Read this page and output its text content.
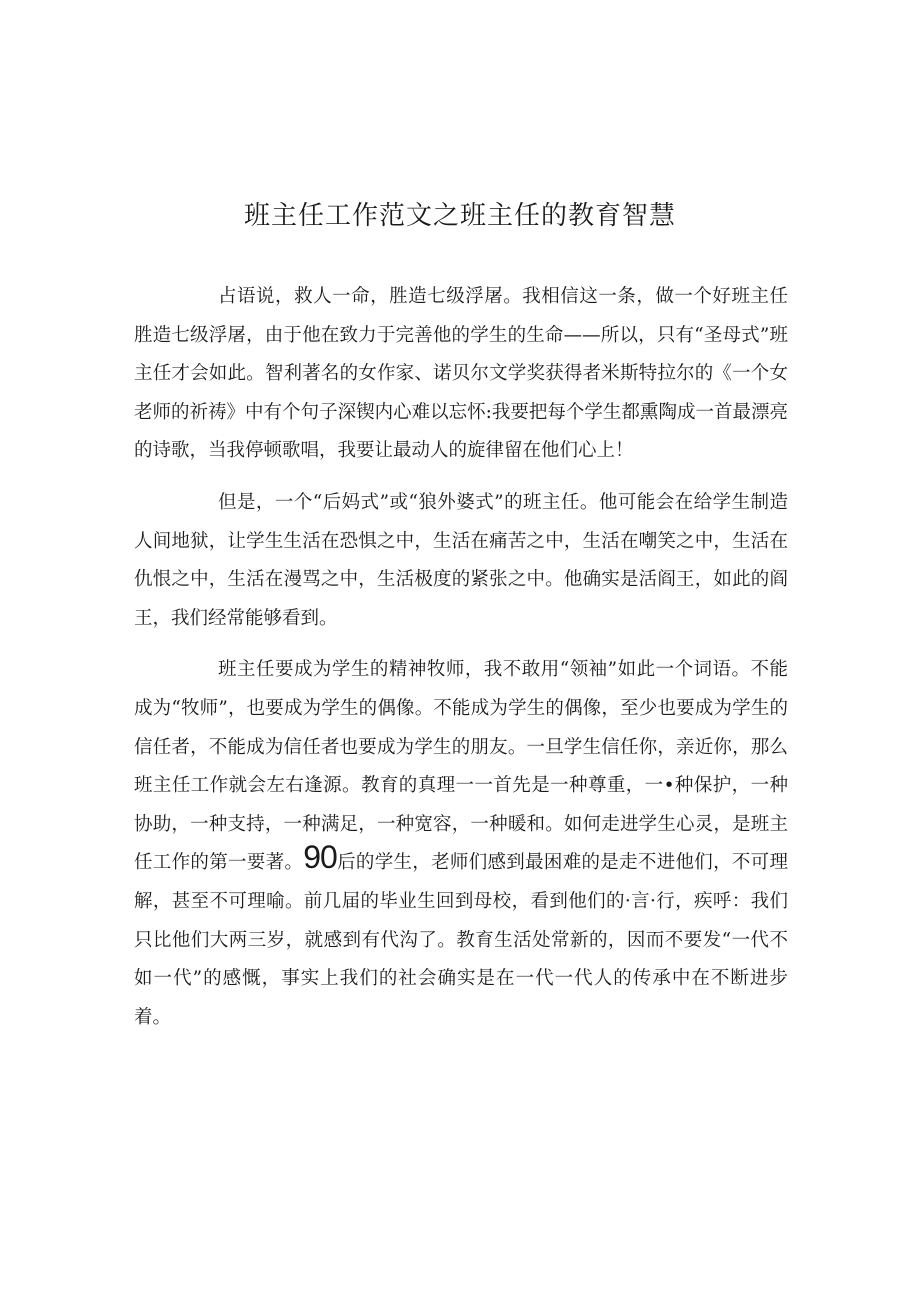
班主任工作范文之班主任的教育智慧

占语说，救人一命，胜造七级浮屠。我相信这一条，做一个好班主任胜造七级浮屠，由于他在致力于完善他的学生的生命——所以，只有“圣母式”班主任才会如此。智利著名的女作家、诺贝尔文学奖获得者米斯特拉尔的《一个女老师的祈祷》中有个句子深锲内心难以忘怀:我要把每个学生都熏陶成一首最漂亮的诗歌，当我停顿歌唱，我要让最动人的旋律留在他们心上！

但是，一个“后妈式”或“狼外婆式”的班主任。他可能会在给学生制造人间地狱，让学生生活在恐惧之中，生活在痛苦之中，生活在嘲笑之中，生活在仇恨之中，生活在漫骂之中，生活极度的紧张之中。他确实是活阎王，如此的阎王，我们经常能够看到。

班主任要成为学生的精神牧师，我不敢用“领袖”如此一个词语。不能成为“牧师”，也要成为学生的偶像。不能成为学生的偶像，至少也要成为学生的信任者，不能成为信任者也要成为学生的朋友。一旦学生信任你，亲近你，那么班主任工作就会左右逢源。教育的真理一一首先是一种尊重，一•种保护，一种协助，一种支持，一种满足，一种宽容，一种暖和。如何走进学生心灵，是班主任工作的第一要著。90后的学生，老师们感到最困难的是走不进他们，不可理解，甚至不可理喻。前几届的毕业生回到母校，看到他们的·言·行，疾呼：我们只比他们大两三岁，就感到有代沟了。教育生活处常新的，因而不要发“一代不如一代”的感慨，事实上我们的社会确实是在一代一代人的传承中在不断进步着。
